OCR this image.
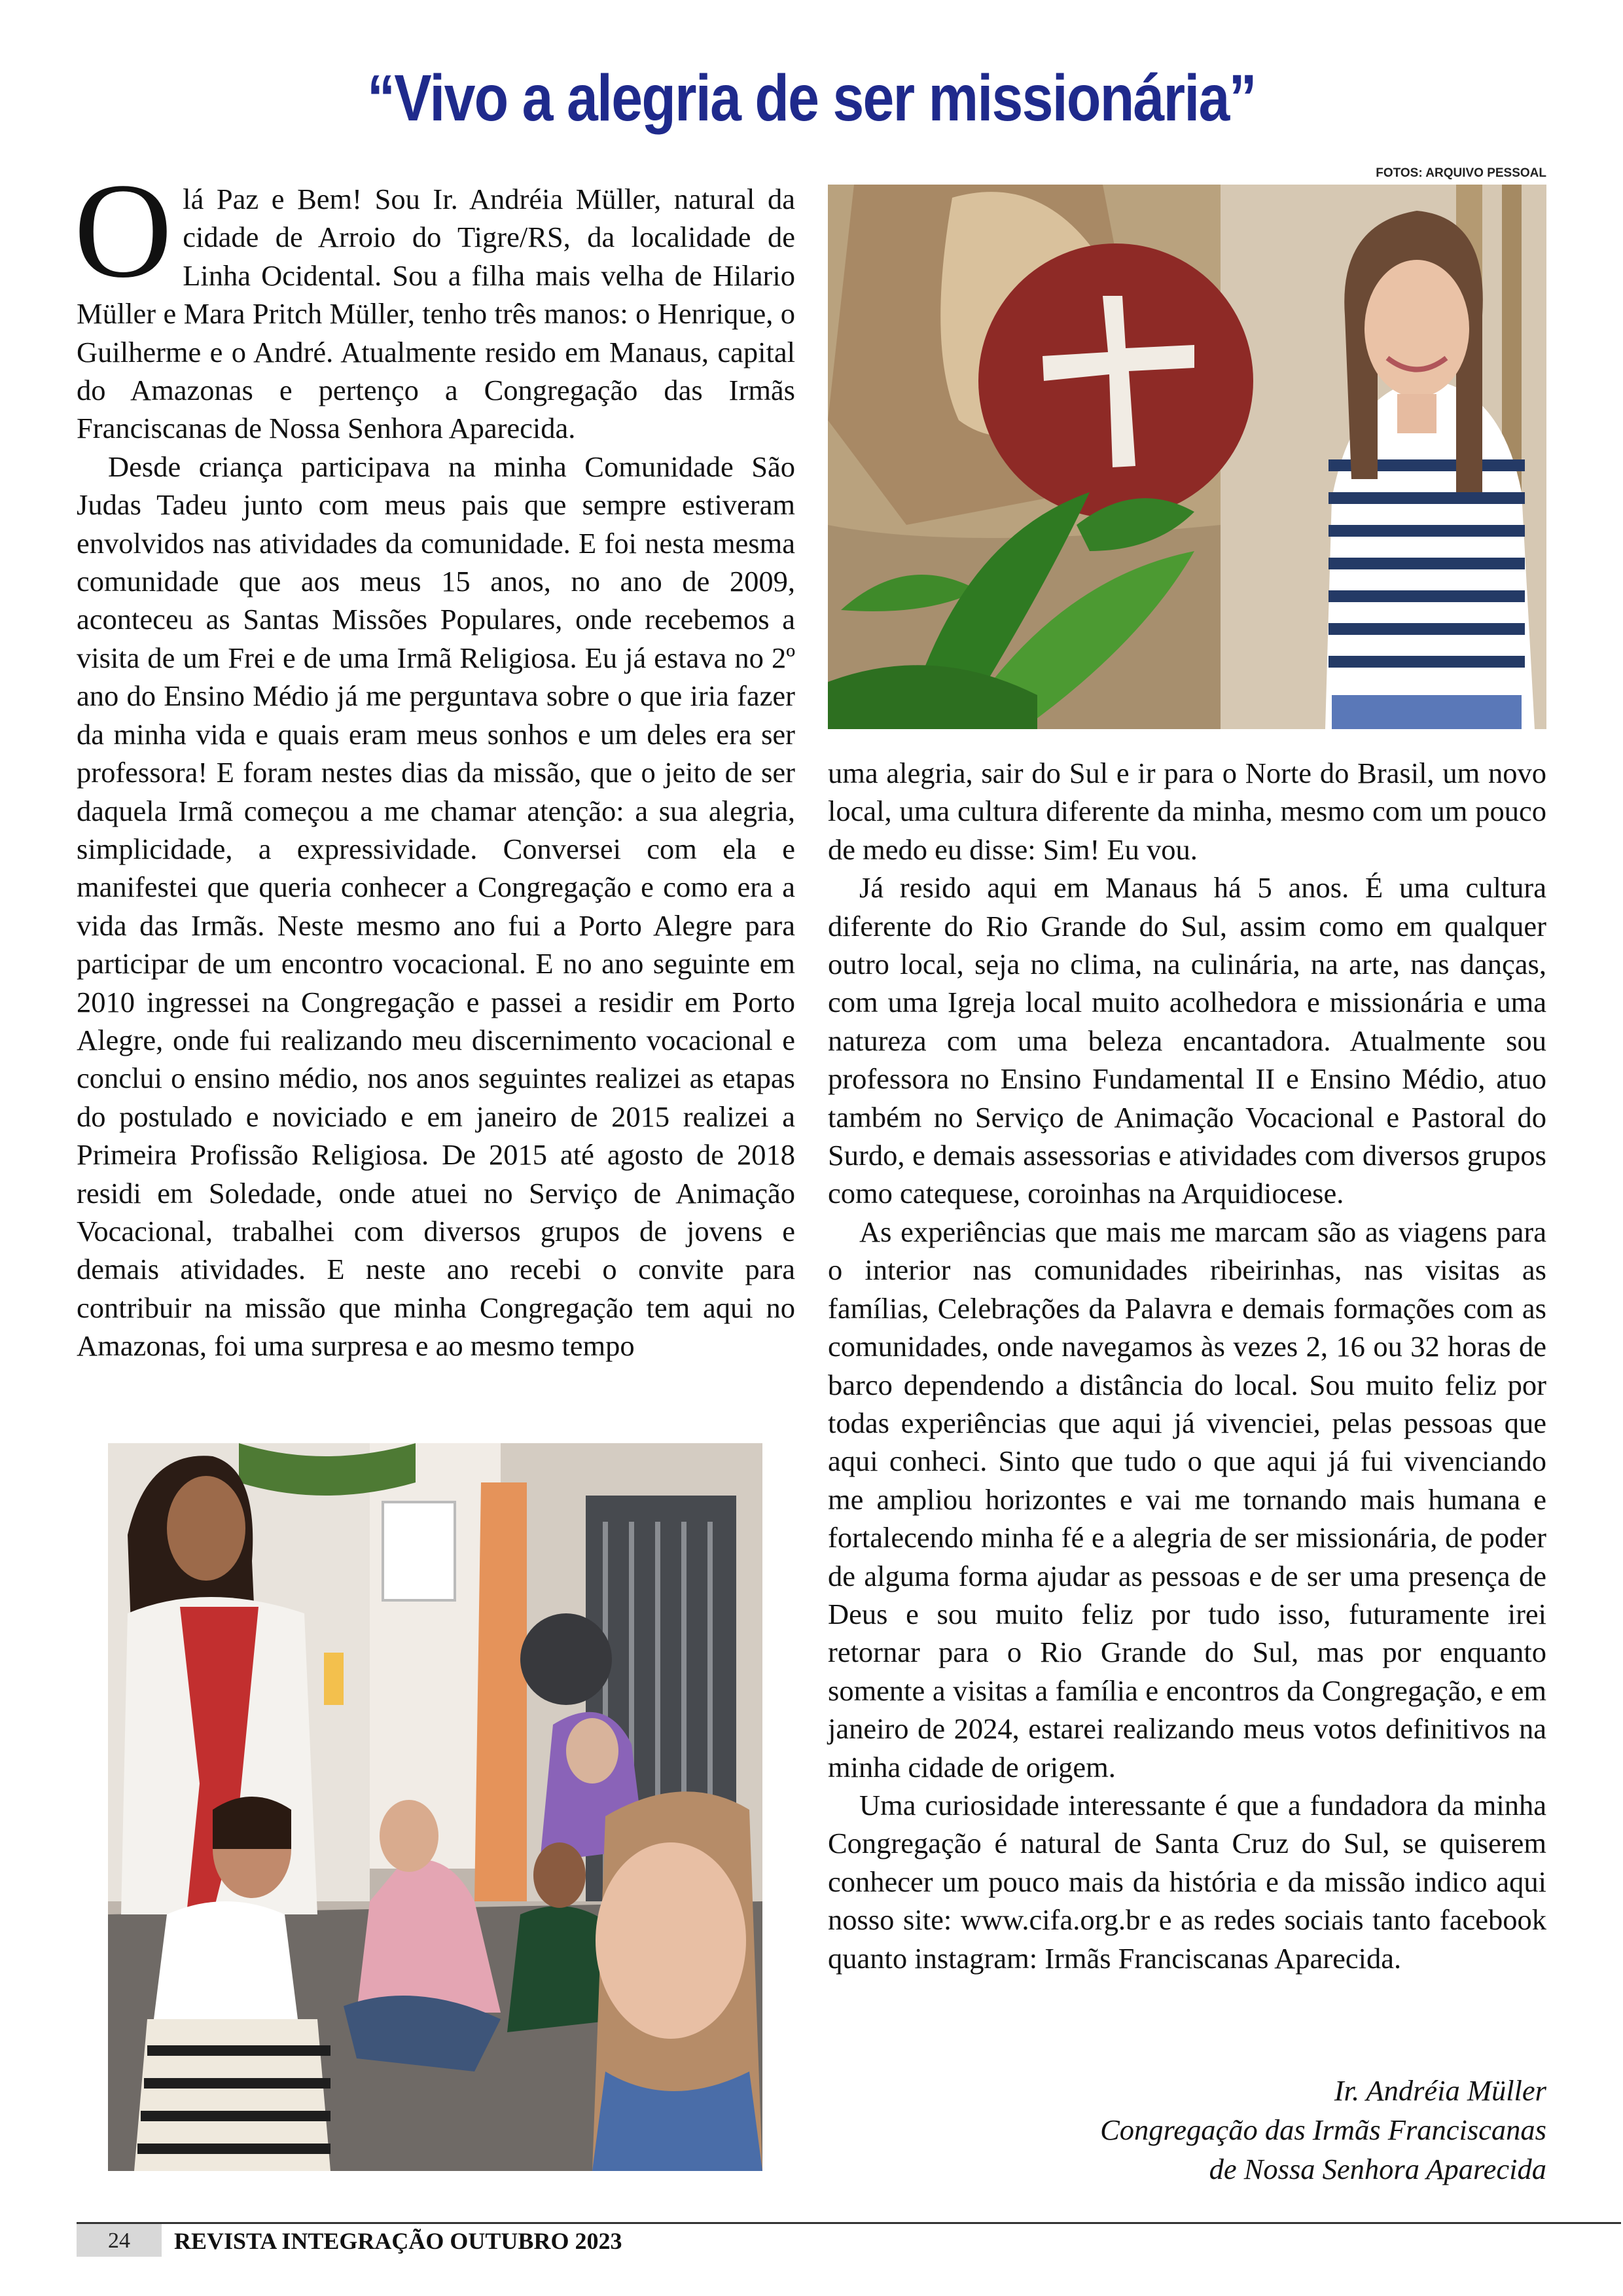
“Vivo a alegria de ser missionária”
FOTOS: ARQUIVO PESSOAL

Olá Paz e Bem! Sou Ir. Andréia Müller, natural da cidade de Arroio do Tigre/RS, da localidade de Linha Ocidental. Sou a filha mais velha de Hilario Müller e Mara Pritch Müller, tenho três manos: o Henrique, o Guilherme e o André. Atualmente resido em Manaus, capital do Amazonas e pertenço a Congregação das Irmãs Franciscanas de Nossa Senhora Aparecida.

Desde criança participava na minha Comunidade São Judas Tadeu junto com meus pais que sempre estiveram envolvidos nas atividades da comunidade. E foi nesta mesma comunidade que aos meus 15 anos, no ano de 2009, aconteceu as Santas Missões Populares, onde recebemos a visita de um Frei e de uma Irmã Religiosa. Eu já estava no 2º ano do Ensino Médio já me perguntava sobre o que iria fazer da minha vida e quais eram meus sonhos e um deles era ser professora! E foram nestes dias da missão, que o jeito de ser daquela Irmã começou a me chamar atenção: a sua alegria, simplicidade, a expressividade. Conversei com ela e manifestei que queria conhecer a Congregação e como era a vida das Irmãs. Neste mesmo ano fui a Porto Alegre para participar de um encontro vocacional. E no ano seguinte em 2010 ingressei na Congregação e passei a residir em Porto Alegre, onde fui realizando meu discernimento vocacional e conclui o ensino médio, nos anos seguintes realizei as etapas do postulado e noviciado e em janeiro de 2015 realizei a Primeira Profissão Religiosa. De 2015 até agosto de 2018 residi em Soledade, onde atuei no Serviço de Animação Vocacional, trabalhei com diversos grupos de jovens e demais atividades. E neste ano recebi o convite para contribuir na missão que minha Congregação tem aqui no Amazonas, foi uma surpresa e ao mesmo tempo

uma alegria, sair do Sul e ir para o Norte do Brasil, um novo local, uma cultura diferente da minha, mesmo com um pouco de medo eu disse: Sim! Eu vou.

Já resido aqui em Manaus há 5 anos. É uma cultura diferente do Rio Grande do Sul, assim como em qualquer outro local, seja no clima, na culinária, na arte, nas danças, com uma Igreja local muito acolhedora e missionária e uma natureza com uma beleza encantadora. Atualmente sou professora no Ensino Fundamental II e Ensino Médio, atuo também no Serviço de Animação Vocacional e Pastoral do Surdo, e demais assessorias e atividades com diversos grupos como catequese, coroinhas na Arquidiocese.

As experiências que mais me marcam são as viagens para o interior nas comunidades ribeirinhas, nas visitas as famílias, Celebrações da Palavra e demais formações com as comunidades, onde navegamos às vezes 2, 16 ou 32 horas de barco dependendo a distância do local. Sou muito feliz por todas experiências que aqui já vivenciei, pelas pessoas que aqui conheci. Sinto que tudo o que aqui já fui vivenciando me ampliou horizontes e vai me tornando mais humana e fortalecendo minha fé e a alegria de ser missionária, de poder de alguma forma ajudar as pessoas e de ser uma presença de Deus e sou muito feliz por tudo isso, futuramente irei retornar para o Rio Grande do Sul, mas por enquanto somente a visitas a família e encontros da Congregação, e em janeiro de 2024, estarei realizando meus votos definitivos na minha cidade de origem.

Uma curiosidade interessante é que a fundadora da minha Congregação é natural de Santa Cruz do Sul, se quiserem conhecer um pouco mais da história e da missão indico aqui nosso site: www.cifa.org.br e as redes sociais tanto facebook quanto instagram: Irmãs Franciscanas Aparecida.

Ir. Andréia Müller
Congregação das Irmãs Franciscanas
de Nossa Senhora Aparecida
24	REVISTA INTEGRAÇÃO OUTUBRO 2023
